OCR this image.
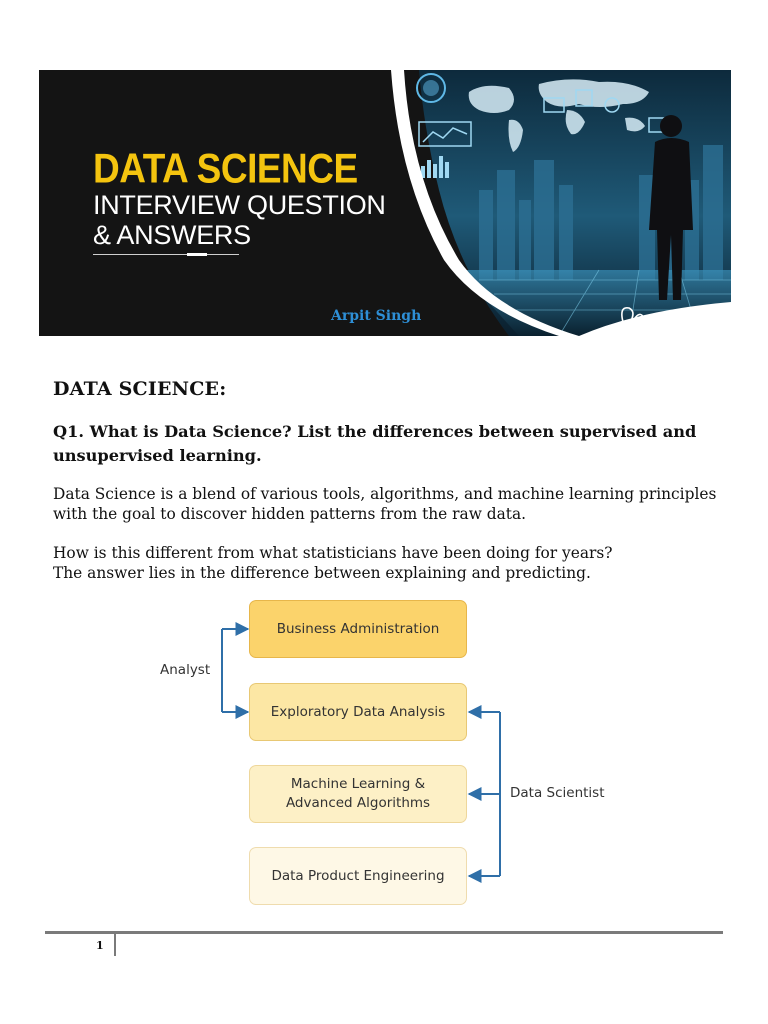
DATA SCIENCE
INTERVIEW QUESTION
& ANSWERS
Arpit Singh
DATA SCIENCE:
Q1. What is Data Science? List the differences between supervised and unsupervised learning.
Data Science is a blend of various tools, algorithms, and machine learning principles with the goal to discover hidden patterns from the raw data.
How is this different from what statisticians have been doing for years?
The answer lies in the difference between explaining and predicting.
Business Administration
Exploratory Data Analysis
Machine Learning &
Advanced Algorithms
Data Product Engineering
Analyst
Data Scientist
1
